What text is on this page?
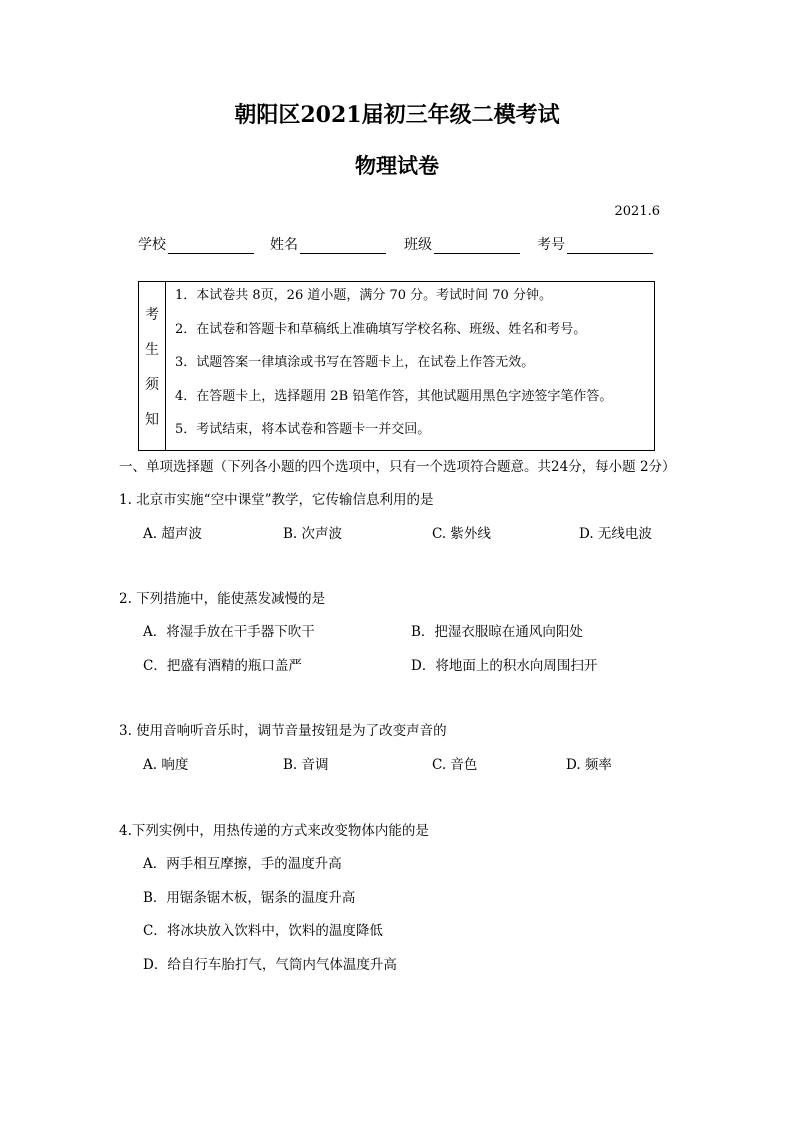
朝阳区2021届初三年级二模考试
物理试卷
2021.6
学校	姓名	班级	考号
考
生
须
知
1．本试卷共 8页，26 道小题，满分 70 分。考试时间 70 分钟。
2．在试卷和答题卡和草稿纸上准确填写学校名称、班级、姓名和考号。
3．试题答案一律填涂或书写在答题卡上，在试卷上作答无效。
4．在答题卡上，选择题用 2B 铅笔作答，其他试题用黑色字迹签字笔作答。
5．考试结束，将本试卷和答题卡一并交回。
一、单项选择题（下列各小题的四个选项中，只有一个选项符合题意。共24分，每小题 2分）
1. 北京市实施“空中课堂”教学，它传输信息利用的是
A. 超声波	B. 次声波	C. 紫外线	D. 无线电波
2. 下列措施中，能使蒸发减慢的是
A．将湿手放在干手器下吹干	B．把湿衣服晾在通风向阳处
C．把盛有酒精的瓶口盖严	D．将地面上的积水向周围扫开
3. 使用音响听音乐时，调节音量按钮是为了改变声音的
A. 响度	B. 音调	C. 音色	D. 频率
4.下列实例中，用热传递的方式来改变物体内能的是
A．两手相互摩擦，手的温度升高
B．用锯条锯木板，锯条的温度升高
C．将冰块放入饮料中，饮料的温度降低
D．给自行车胎打气，气筒内气体温度升高
